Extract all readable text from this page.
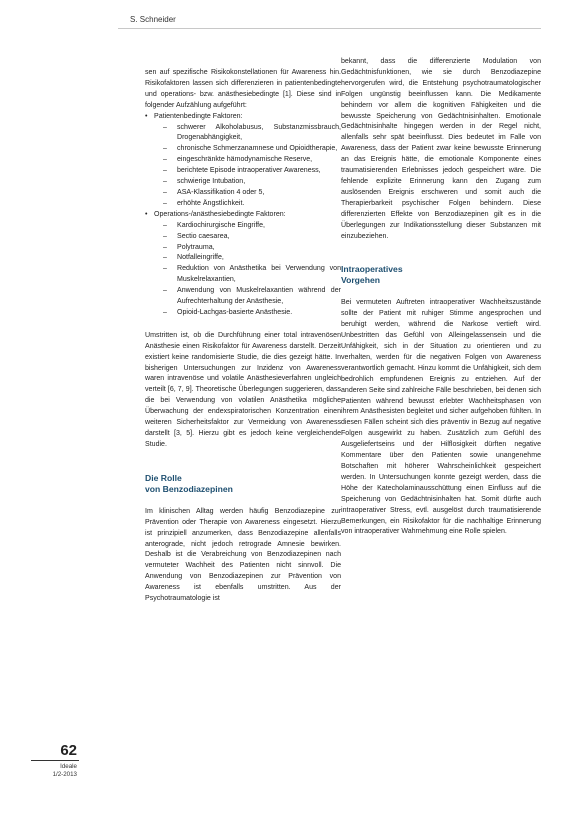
S. Schneider

sen auf spezifische Risikokonstellationen für Awareness hin. Risikofaktoren lassen sich differenzieren in patientenbedingte und operations- bzw. anästhesiebedingte [1]. Diese sind in folgender Aufzählung aufgeführt:

• Patientenbedingte Faktoren:
– schwerer Alkoholabusus, Substanzmissbrauch, Drogenabhängigkeit,
– chronische Schmerzanamnese und Opioidtherapie,
– eingeschränkte hämodynamische Reserve,
– berichtete Episode intraoperativer Awareness,
– schwierige Intubation,
– ASA-Klassifikation 4 oder 5,
– erhöhte Ängstlichkeit.
• Operations-/anästhesiebedingte Faktoren:
– Kardiochirurgische Eingriffe,
– Sectio caesarea,
– Polytrauma,
– Notfalleingriffe,
– Reduktion von Anästhetika bei Verwendung von Muskelrelaxantien,
– Anwendung von Muskelrelaxantien während der Aufrechterhaltung der Anästhesie,
– Opioid-Lachgas-basierte Anästhesie.

Umstritten ist, ob die Durchführung einer total intravenösen Anästhesie einen Risikofaktor für Awareness darstellt. Derzeit existiert keine randomisierte Studie, die dies gezeigt hätte. In bisherigen Untersuchungen zur Inzidenz von Awareness waren intravenöse und volatile Anästhesieverfahren ungleich verteilt [6, 7, 9]. Theoretische Überlegungen suggerieren, dass die bei Verwendung von volatilen Anästhetika mögliche Überwachung der endexspiratorischen Konzentration einen weiteren Sicherheitsfaktor zur Vermeidung von Awareness darstellt [3, 5]. Hierzu gibt es jedoch keine vergleichende Studie.

Die Rolle
von Benzodiazepinen

Im klinischen Alltag werden häufig Benzodiazepine zur Prävention oder Therapie von Awareness eingesetzt. Hierzu ist prinzipiell anzumerken, dass Benzodiazepine allenfalls anterograde, nicht jedoch retrograde Amnesie bewirken. Deshalb ist die Verabreichung von Benzodiazepinen nach vermuteter Wachheit des Patienten nicht sinnvoll. Die Anwendung von Benzodiazepinen zur Prävention von Awareness ist ebenfalls umstritten. Aus der Psychotraumatologie ist

bekannt, dass die differenzierte Modulation von Gedächtnisfunktionen, wie sie durch Benzodiazepine hervorgerufen wird, die Entstehung psychotraumatologischer Folgen ungünstig beeinflussen kann. Die Medikamente behindern vor allem die kognitiven Fähigkeiten und die bewusste Speicherung von Gedächtnisinhalten. Emotionale Gedächtnisinhalte hingegen werden in der Regel nicht, allenfalls sehr spät beeinflusst. Dies bedeutet im Falle von Awareness, dass der Patient zwar keine bewusste Erinnerung an das Ereignis hätte, die emotionale Komponente eines traumatisierenden Erlebnisses jedoch gespeichert wäre. Die fehlende explizite Erinnerung kann den Zugang zum auslösenden Ereignis erschweren und somit auch die Therapierbarkeit psychischer Folgen behindern. Diese differenzierten Effekte von Benzodiazepinen gilt es in die Überlegungen zur Indikationsstellung dieser Substanzen mit einzubeziehen.

Intraoperatives
Vorgehen

Bei vermuteten Auftreten intraoperativer Wachheitszustände sollte der Patient mit ruhiger Stimme angesprochen und beruhigt werden, während die Narkose vertieft wird. Unbestritten das Gefühl von Alleingelassensein und die Unfähigkeit, sich in der Situation zu orientieren und zu verhalten, werden für die negativen Folgen von Awareness verantwortlich gemacht. Hinzu kommt die Unfähigkeit, sich dem bedrohlich empfundenen Ereignis zu entziehen. Auf der anderen Seite sind zahlreiche Fälle beschrieben, bei denen sich Patienten während bewusst erlebter Wachheitsphasen von ihrem Anästhesisten begleitet und sicher aufgehoben fühlten. In diesen Fällen scheint sich dies präventiv in Bezug auf negative Folgen ausgewirkt zu haben. Zusätzlich zum Gefühl des Ausgeliefertseins und der Hilflosigkeit dürften negative Kommentare über den Patienten sowie unangenehme Botschaften mit höherer Wahrscheinlichkeit gespeichert werden. In Untersuchungen konnte gezeigt werden, dass die Höhe der Katecholaminausschüttung einen Einfluss auf die Speicherung von Gedächtnisinhalten hat. Somit dürfte auch intraoperativer Stress, evtl. ausgelöst durch traumatisierende Bemerkungen, ein Risikofaktor für die nachhaltige Erinnerung von intraoperativer Wahrnehmung eine Rolle spielen.

62
Ideale
1/2-2013
